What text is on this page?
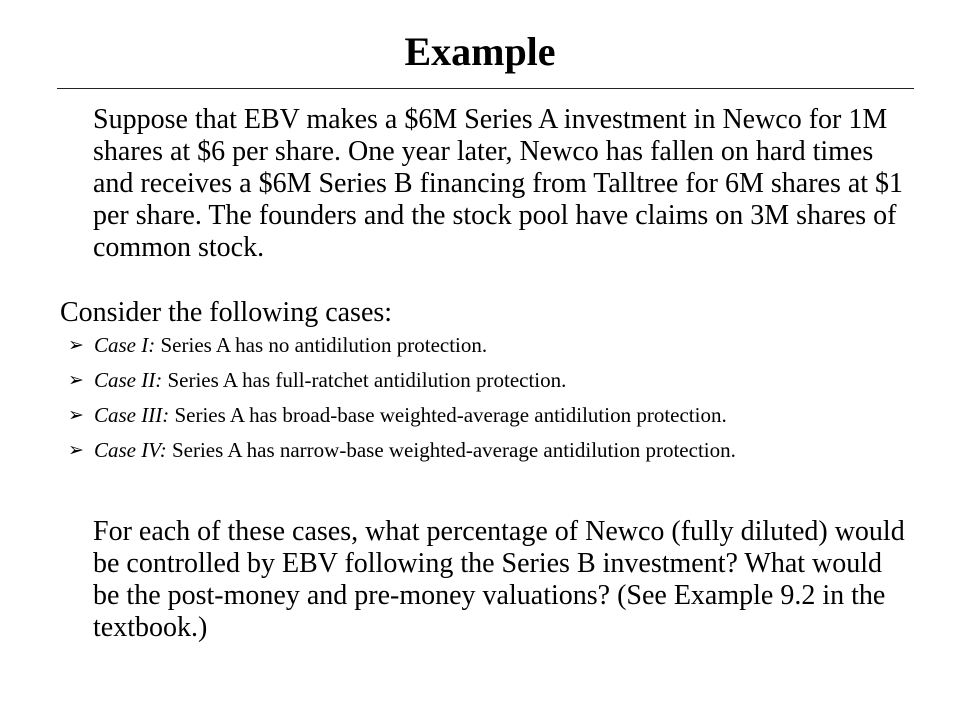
Example

Suppose that EBV makes a $6M Series A investment in Newco for 1M shares at $6 per share. One year later, Newco has fallen on hard times and receives a $6M Series B financing from Talltree for 6M shares at $1 per share. The founders and the stock pool have claims on 3M shares of common stock.

Consider the following cases:
➢ Case I: Series A has no antidilution protection.
➢ Case II: Series A has full-ratchet antidilution protection.
➢ Case III: Series A has broad-base weighted-average antidilution protection.
➢ Case IV: Series A has narrow-base weighted-average antidilution protection.

For each of these cases, what percentage of Newco (fully diluted) would be controlled by EBV following the Series B investment? What would be the post-money and pre-money valuations? (See Example 9.2 in the textbook.)
